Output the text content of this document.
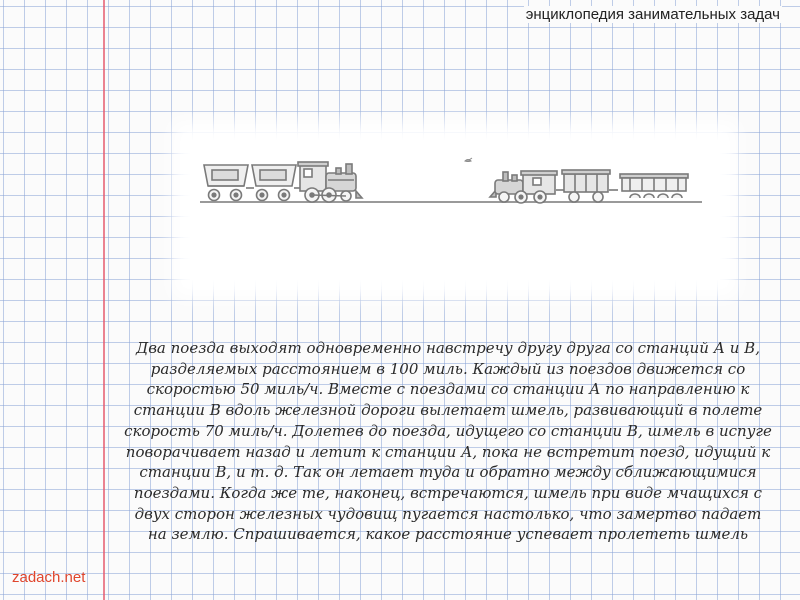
энциклопедия занимательных задач
Два поезда выходят одновременно навстречу другу друга со станций А и В,
разделяемых расстоянием в 100 миль. Каждый из поездов движется со
скоростью 50 миль/ч. Вместе с поездами со станции А по направлению к
станции В вдоль железной дороги вылетает шмель, развивающий в полете
скорость 70 миль/ч. Долетев до поезда, идущего со станции В, шмель в испуге
поворачивает назад и летит к станции А, пока не встретит поезд, идущий к
станции В, и т. д. Так он летает туда и обратно между сближающимися
поездами. Когда же те, наконец, встречаются, шмель при виде мчащихся с
двух сторон железных чудовищ пугается настолько, что замертво падает
на землю. Спрашивается, какое расстояние успевает пролететь шмель
zadach.net
